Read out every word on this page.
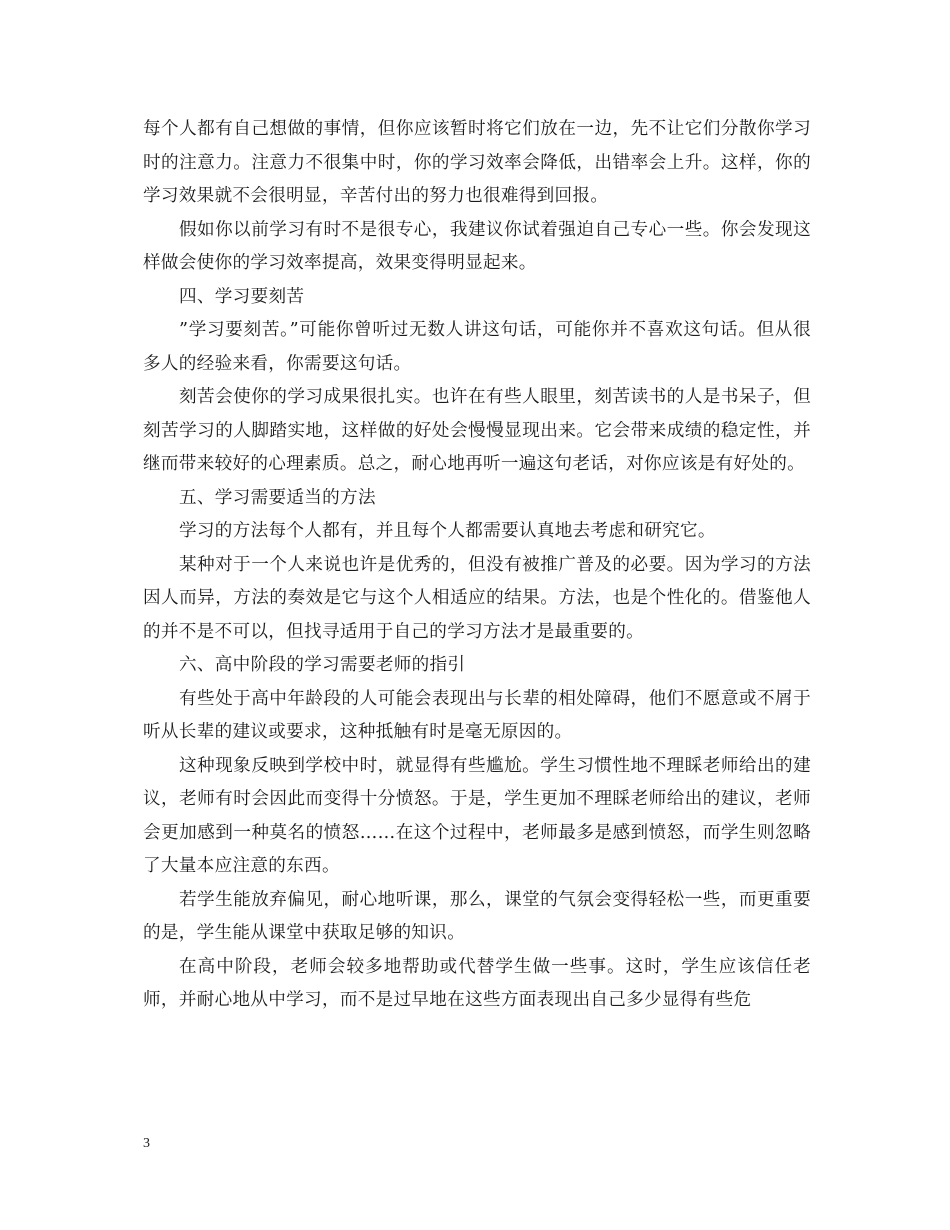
每个人都有自己想做的事情，但你应该暂时将它们放在一边，先不让它们分散你学习时的注意力。注意力不很集中时，你的学习效率会降低，出错率会上升。这样，你的学习效果就不会很明显，辛苦付出的努力也很难得到回报。

假如你以前学习有时不是很专心，我建议你试着强迫自己专心一些。你会发现这样做会使你的学习效率提高，效果变得明显起来。

四、学习要刻苦

”学习要刻苦。”可能你曾听过无数人讲这句话，可能你并不喜欢这句话。但从很多人的经验来看，你需要这句话。

刻苦会使你的学习成果很扎实。也许在有些人眼里，刻苦读书的人是书呆子，但刻苦学习的人脚踏实地，这样做的好处会慢慢显现出来。它会带来成绩的稳定性，并继而带来较好的心理素质。总之，耐心地再听一遍这句老话，对你应该是有好处的。

五、学习需要适当的方法

学习的方法每个人都有，并且每个人都需要认真地去考虑和研究它。

某种对于一个人来说也许是优秀的，但没有被推广普及的必要。因为学习的方法因人而异，方法的奏效是它与这个人相适应的结果。方法，也是个性化的。借鉴他人的并不是不可以，但找寻适用于自己的学习方法才是最重要的。

六、高中阶段的学习需要老师的指引

有些处于高中年龄段的人可能会表现出与长辈的相处障碍，他们不愿意或不屑于听从长辈的建议或要求，这种抵触有时是毫无原因的。

这种现象反映到学校中时，就显得有些尴尬。学生习惯性地不理睬老师给出的建议，老师有时会因此而变得十分愤怒。于是，学生更加不理睬老师给出的建议，老师会更加感到一种莫名的愤怒……在这个过程中，老师最多是感到愤怒，而学生则忽略了大量本应注意的东西。

若学生能放弃偏见，耐心地听课，那么，课堂的气氛会变得轻松一些，而更重要的是，学生能从课堂中获取足够的知识。

在高中阶段，老师会较多地帮助或代替学生做一些事。这时，学生应该信任老师，并耐心地从中学习，而不是过早地在这些方面表现出自己多少显得有些危

3
